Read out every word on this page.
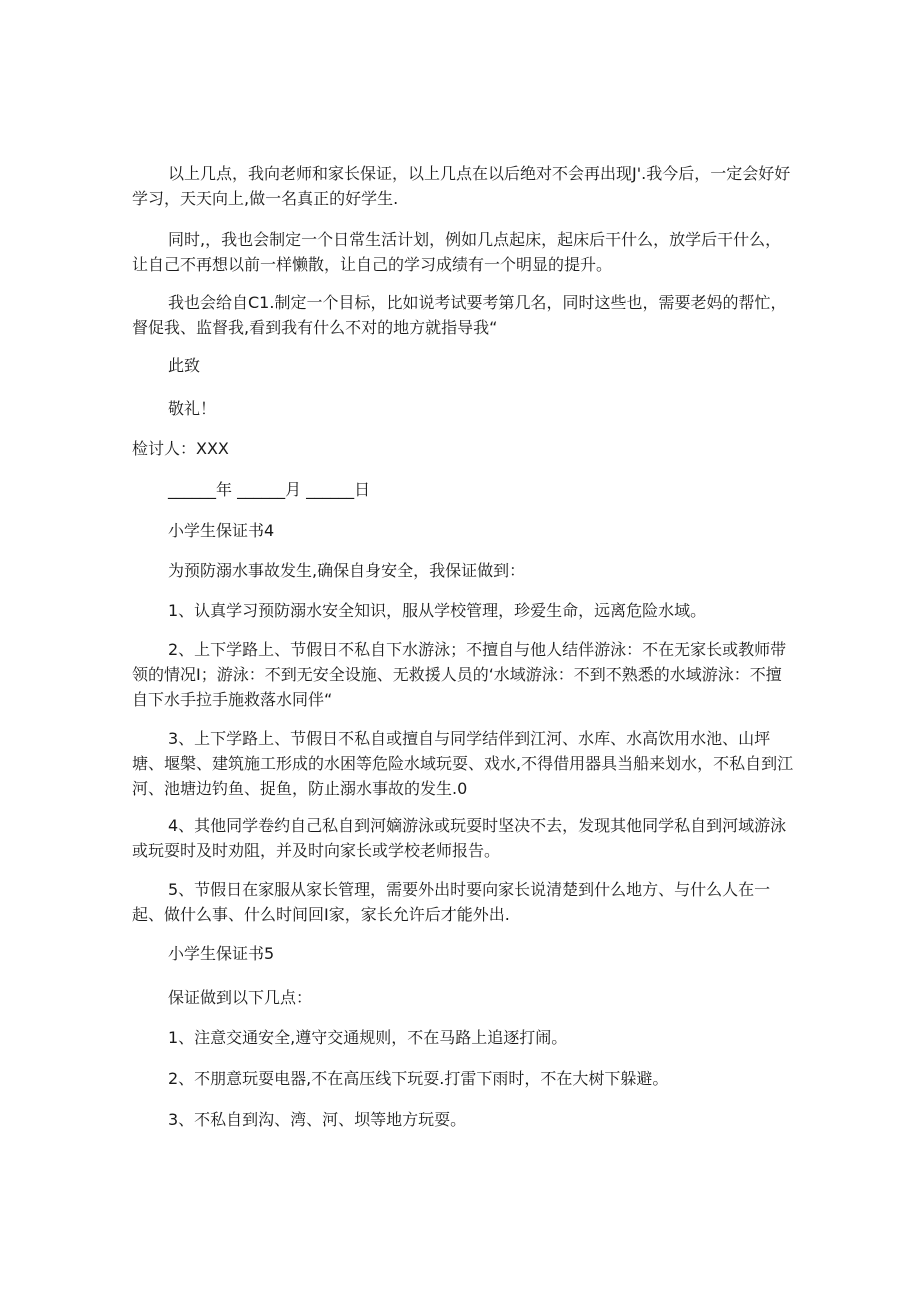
以上几点，我向老师和家长保证，以上几点在以后绝对不会再出现J'.我今后，一定会好好学习，天天向上,做一名真正的好学生.

同时,，我也会制定一个日常生活计划，例如几点起床，起床后干什么，放学后干什么，让自己不再想以前一样懒散，让自己的学习成绩有一个明显的提升。

我也会给自C1.制定一个目标，比如说考试要考第几名，同时这些也，需要老妈的帮忙，督促我、监督我,看到我有什么不对的地方就指导我“

此致

敬礼！

检讨人：XXX

______年 ______月 ______日

小学生保证书4

为预防溺水事故发生,确保自身安全，我保证做到：

1、认真学习预防溺水安全知识，服从学校管理，珍爱生命，远离危险水域。

2、上下学路上、节假日不私自下水游泳；不擅自与他人结伴游泳：不在无家长或教师带领的情况I；游泳：不到无安全设施、无救援人员的‘水域游泳：不到不熟悉的水域游泳：不擅自下水手拉手施救落水同伴“

3、上下学路上、节假日不私自或擅自与同学结伴到江河、水库、水高饮用水池、山坪塘、堰槃、建筑施工形成的水困等危险水域玩耍、戏水,不得借用器具当船来划水，不私自到江河、池塘边钓鱼、捉鱼，防止溺水事故的发生.0

4、其他同学卷约自己私自到河嫡游泳或玩耍时坚决不去，发现其他同学私自到河域游泳或玩耍时及时劝阻，并及时向家长或学校老师报告。

5、节假日在家服从家长管理，需要外出时要向家长说清楚到什么地方、与什么人在一起、做什么事、什么时间回I家，家长允许后才能外出.

小学生保证书5

保证做到以下几点：

1、注意交通安全,遵守交通规则，不在马路上追逐打闹。

2、不朋意玩耍电器,不在高压线下玩耍.打雷下雨时，不在大树下躲避。

3、不私自到沟、湾、河、坝等地方玩耍。
